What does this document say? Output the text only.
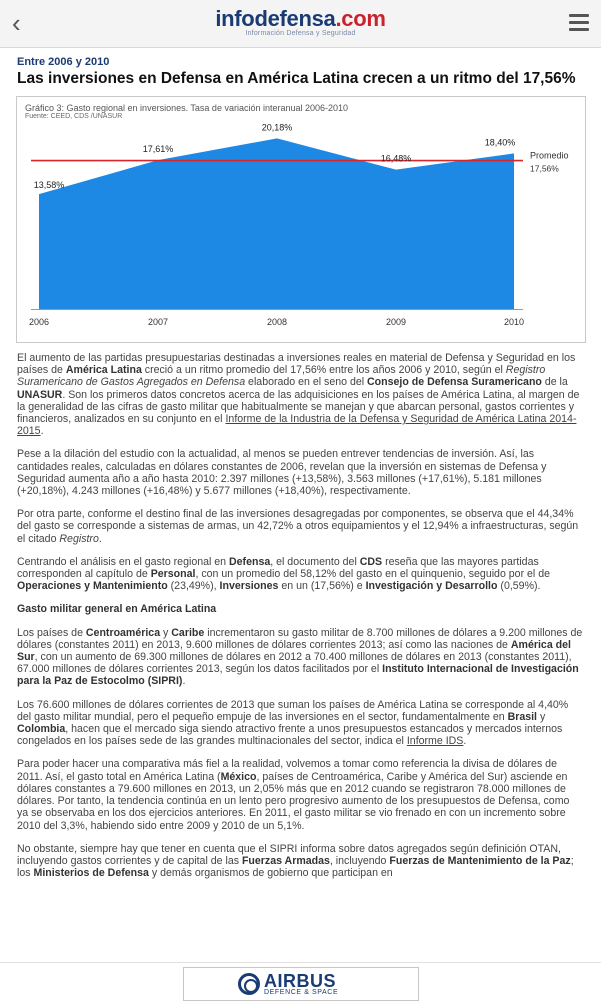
‹	infodefensa.com
Información Defensa y Seguridad
Entre 2006 y 2010
Las inversiones en Defensa en América Latina crecen a un ritmo del 17,56%
Gráfico 3: Gasto regional en inversiones. Tasa de variación interanual 2006-2010
Fuente: CEED, CDS /UNASUR
Promedio
17,56%
13,58%
17,61%
20,18%
16,48%
18,40%
2006	2007	2008	2009	2010

El aumento de las partidas presupuestarias destinadas a inversiones reales en material de Defensa y Seguridad en los países de América Latina creció a un ritmo promedio del 17,56% entre los años 2006 y 2010, según el Registro Suramericano de Gastos Agregados en Defensa elaborado en el seno del Consejo de Defensa Suramericano de la UNASUR. Son los primeros datos concretos acerca de las adquisiciones en los países de América Latina, al margen de la generalidad de las cifras de gasto militar que habitualmente se manejan y que abarcan personal, gastos corrientes y financieros, analizados en su conjunto en el Informe de la Industria de la Defensa y Seguridad de América Latina 2014-2015.

Pese a la dilación del estudio con la actualidad, al menos se pueden entrever tendencias de inversión. Así, las cantidades reales, calculadas en dólares constantes de 2006, revelan que la inversión en sistemas de Defensa y Seguridad aumenta año a año hasta 2010: 2.397 millones (+13,58%), 3.563 millones (+17,61%), 5.181 millones (+20,18%), 4.243 millones (+16,48%) y 5.677 millones (+18,40%), respectivamente.

Por otra parte, conforme el destino final de las inversiones desagregadas por componentes, se observa que el 44,34% del gasto se corresponde a sistemas de armas, un 42,72% a otros equipamientos y el 12,94% a infraestructuras, según el citado Registro.

Centrando el análisis en el gasto regional en Defensa, el documento del CDS reseña que las mayores partidas corresponden al capítulo de Personal, con un promedio del 58,12% del gasto en el quinquenio, seguido por el de Operaciones y Mantenimiento (23,49%), Inversiones en un (17,56%) e Investigación y Desarrollo (0,59%).

Gasto militar general en América Latina

Los países de Centroamérica y Caribe incrementaron su gasto militar de 8.700 millones de dólares a 9.200 millones de dólares (constantes 2011) en 2013, 9.600 millones de dólares corrientes 2013; así como las naciones de América del Sur, con un aumento de 69.300 millones de dólares en 2012 a 70.400 millones de dólares en 2013 (constantes 2011), 67.000 millones de dólares corrientes 2013, según los datos facilitados por el Instituto Internacional de Investigación para la Paz de Estocolmo (SIPRI).

Los 76.600 millones de dólares corrientes de 2013 que suman los países de América Latina se corresponde al 4,40% del gasto militar mundial, pero el pequeño empuje de las inversiones en el sector, fundamentalmente en Brasil y Colombia, hacen que el mercado siga siendo atractivo frente a unos presupuestos estancados y mercados internos congelados en los países sede de las grandes multinacionales del sector, indica el Informe IDS.

Para poder hacer una comparativa más fiel a la realidad, volvemos a tomar como referencia la divisa de dólares de 2011. Así, el gasto total en América Latina (México, países de Centroamérica, Caribe y América del Sur) asciende en dólares constantes a 79.600 millones en 2013, un 2,05% más que en 2012 cuando se registraron 78.000 millones de dólares. Por tanto, la tendencia continúa en un lento pero progresivo aumento de los presupuestos de Defensa, como ya se observaba en los dos ejercicios anteriores. En 2011, el gasto militar se vio frenado en con un incremento sobre 2010 del 3,3%, habiendo sido entre 2009 y 2010 de un 5,1%.

No obstante, siempre hay que tener en cuenta que el SIPRI informa sobre datos agregados según definición OTAN, incluyendo gastos corrientes y de capital de las Fuerzas Armadas, incluyendo Fuerzas de Mantenimiento de la Paz; los Ministerios de Defensa y demás organismos de gobierno que participan en

AIRBUS
DEFENCE & SPACE
